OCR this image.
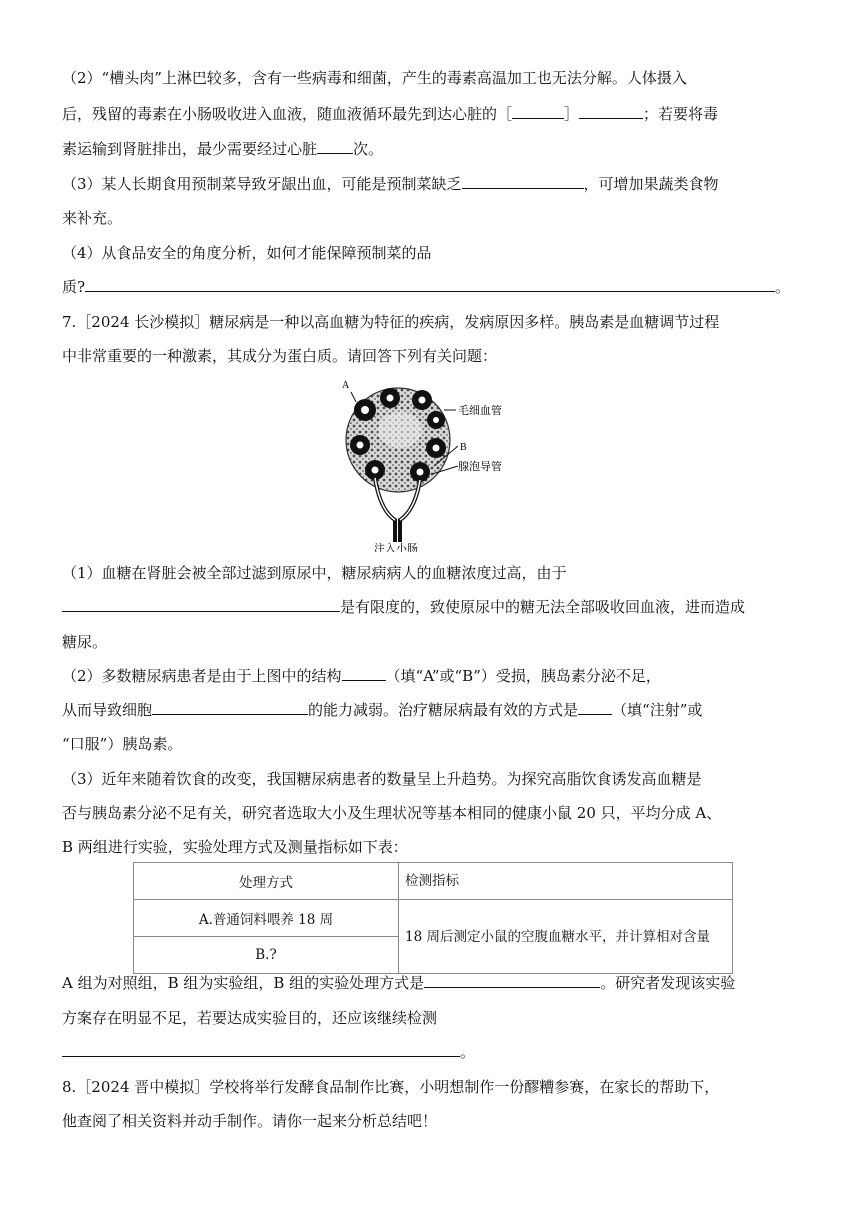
（2）“槽头肉”上淋巴较多，含有一些病毒和细菌，产生的毒素高温加工也无法分解。人体摄入
后，残留的毒素在小肠吸收进入血液，随血液循环最先到达心脏的［	］	；若要将毒
素运输到肾脏排出，最少需要经过心脏 次。
（3）某人长期食用预制菜导致牙龈出血，可能是预制菜缺乏	，可增加果蔬类食物
来补充。
（4）从食品安全的角度分析，如何才能保障预制菜的品
质?	。
7.［2024 长沙模拟］糖尿病是一种以高血糖为特征的疾病，发病原因多样。胰岛素是血糖调节过程
中非常重要的一种激素，其成分为蛋白质。请回答下列有关问题：
A
毛细血管
B
腺泡导管
注入小肠
（1）血糖在肾脏会被全部过滤到原尿中，糖尿病病人的血糖浓度过高，由于
是有限度的，致使原尿中的糖无法全部吸收回血液，进而造成
糖尿。
（2）多数糖尿病患者是由于上图中的结构	（填“A”或“B”）受损，胰岛素分泌不足，
从而导致细胞	的能力减弱。治疗糖尿病最有效的方式是 （填“注射”或
“口服”）胰岛素。
（3）近年来随着饮食的改变，我国糖尿病患者的数量呈上升趋势。为探究高脂饮食诱发高血糖是
否与胰岛素分泌不足有关，研究者选取大小及生理状况等基本相同的健康小鼠 20 只，平均分成 A、
B 两组进行实验，实验处理方式及测量指标如下表：
处理方式	检测指标
A.普通饲料喂养 18 周	18 周后测定小鼠的空腹血糖水平，并计算相对含量
B.?	
A 组为对照组，B 组为实验组，B 组的实验处理方式是	。研究者发现该实验
方案存在明显不足，若要达成实验目的，还应该继续检测
。
8.［2024 晋中模拟］学校将举行发酵食品制作比赛，小明想制作一份醪糟参赛，在家长的帮助下，
他查阅了相关资料并动手制作。请你一起来分析总结吧！
